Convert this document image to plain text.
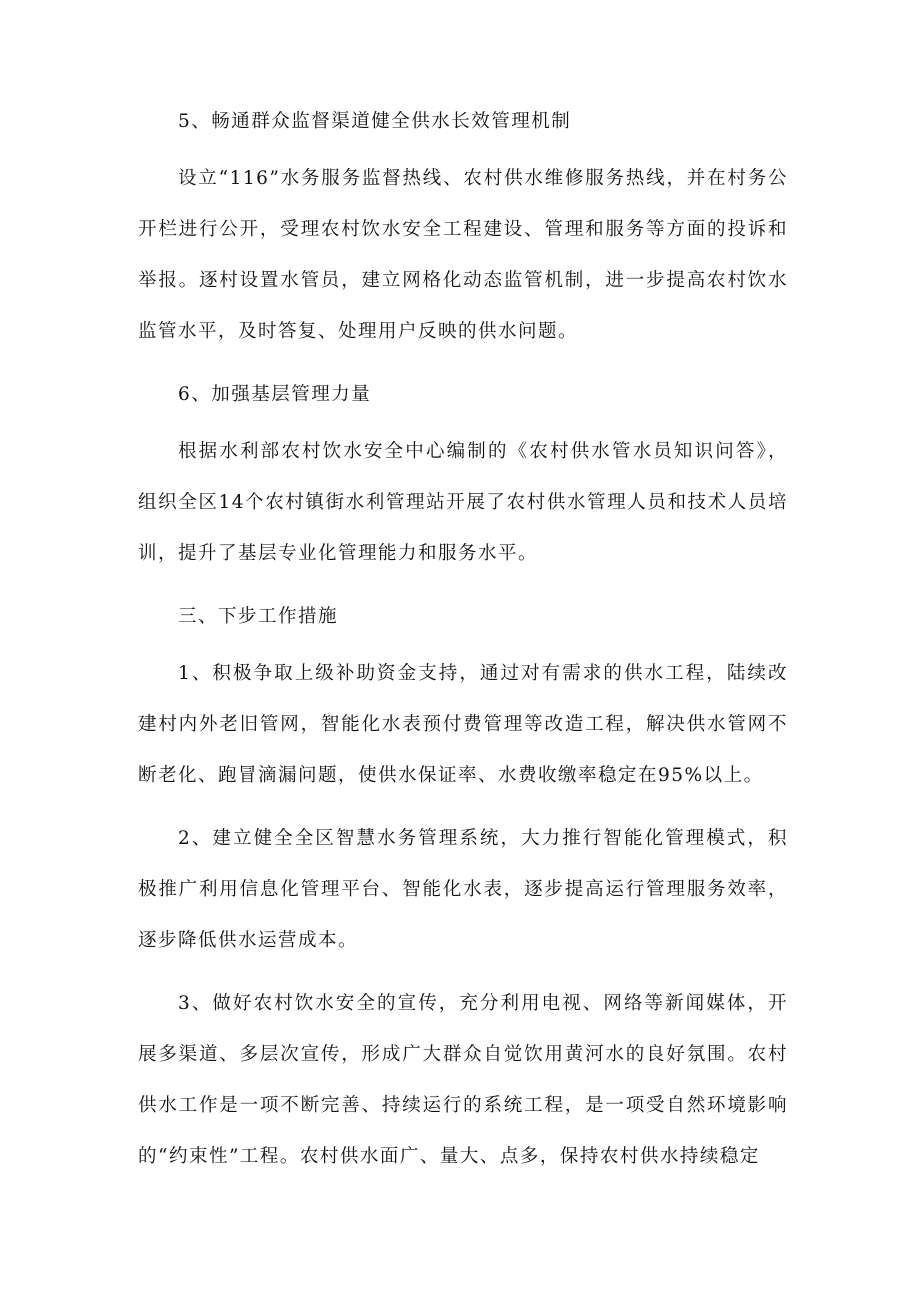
5、畅通群众监督渠道健全供水长效管理机制

设立“116”水务服务监督热线、农村供水维修服务热线，并在村务公开栏进行公开，受理农村饮水安全工程建设、管理和服务等方面的投诉和举报。逐村设置水管员，建立网格化动态监管机制，进一步提高农村饮水监管水平，及时答复、处理用户反映的供水问题。

6、加强基层管理力量

根据水利部农村饮水安全中心编制的《农村供水管水员知识问答》，组织全区14个农村镇街水利管理站开展了农村供水管理人员和技术人员培训，提升了基层专业化管理能力和服务水平。

三、下步工作措施

1、积极争取上级补助资金支持，通过对有需求的供水工程，陆续改建村内外老旧管网，智能化水表预付费管理等改造工程，解决供水管网不断老化、跑冒滴漏问题，使供水保证率、水费收缴率稳定在95%以上。

2、建立健全全区智慧水务管理系统，大力推行智能化管理模式，积极推广利用信息化管理平台、智能化水表，逐步提高运行管理服务效率，逐步降低供水运营成本。

3、做好农村饮水安全的宣传，充分利用电视、网络等新闻媒体，开展多渠道、多层次宣传，形成广大群众自觉饮用黄河水的良好氛围。农村供水工作是一项不断完善、持续运行的系统工程，是一项受自然环境影响的“约束性”工程。农村供水面广、量大、点多，保持农村供水持续稳定
